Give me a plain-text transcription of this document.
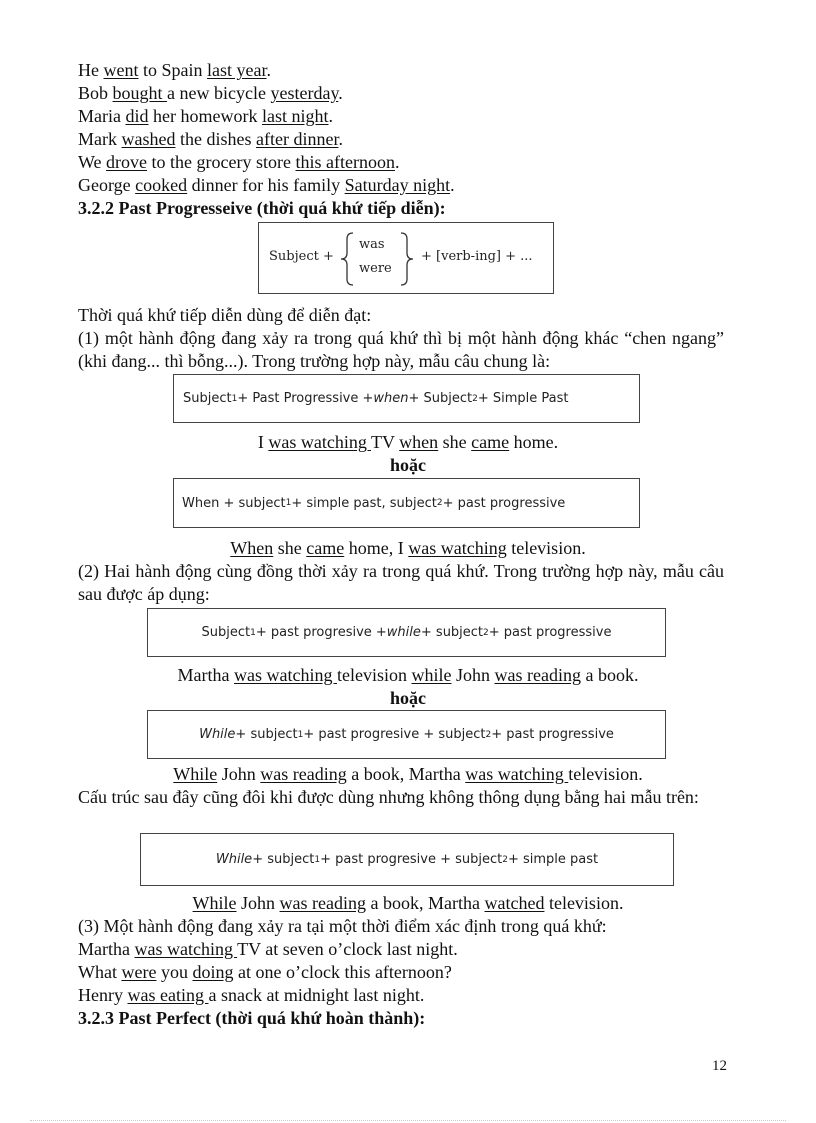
He went to Spain last year.
Bob bought a new bicycle yesterday.
Maria did her homework last night.
Mark washed the dishes after dinner.
We drove to the grocery store this afternoon.
George cooked dinner for his family Saturday night.
3.2.2 Past Progresseive (thời quá khứ tiếp diễn):
Subject +
was
were
+ [verb-ing] + ...
Thời quá khứ tiếp diễn dùng để diễn đạt:
(1) một hành động đang xảy ra trong quá khứ thì bị một hành động khác “chen ngang” (khi đang... thì bỗng...). Trong trường hợp này, mẫu câu chung là:
Subject 1 + Past Progressive + when + Subject 2 + Simple Past
I was watching TV when she came home.
hoặc
When + subject 1 + simple past, subject 2 + past progressive
When she came home, I was watching television.
(2) Hai hành động cùng đồng thời xảy ra trong quá khứ. Trong trường hợp này, mẫu câu sau được áp dụng:
Subject 1 + past progresive + while + subject 2 + past progressive
Martha was watching television while John was reading a book.
hoặc
While + subject 1 + past progresive + subject 2 + past progressive
While John was reading a book, Martha was watching television.
Cấu trúc sau đây cũng đôi khi được dùng nhưng không thông dụng bằng hai mẫu trên:
While + subject 1 + past progresive + subject 2 + simple past
While John was reading a book, Martha watched television.
(3) Một hành động đang xảy ra tại một thời điểm xác định trong quá khứ:
Martha was watching TV at seven o’clock last night.
What were you doing at one o’clock this afternoon?
Henry was eating a snack at midnight last night.
3.2.3 Past Perfect (thời quá khứ hoàn thành):
12
